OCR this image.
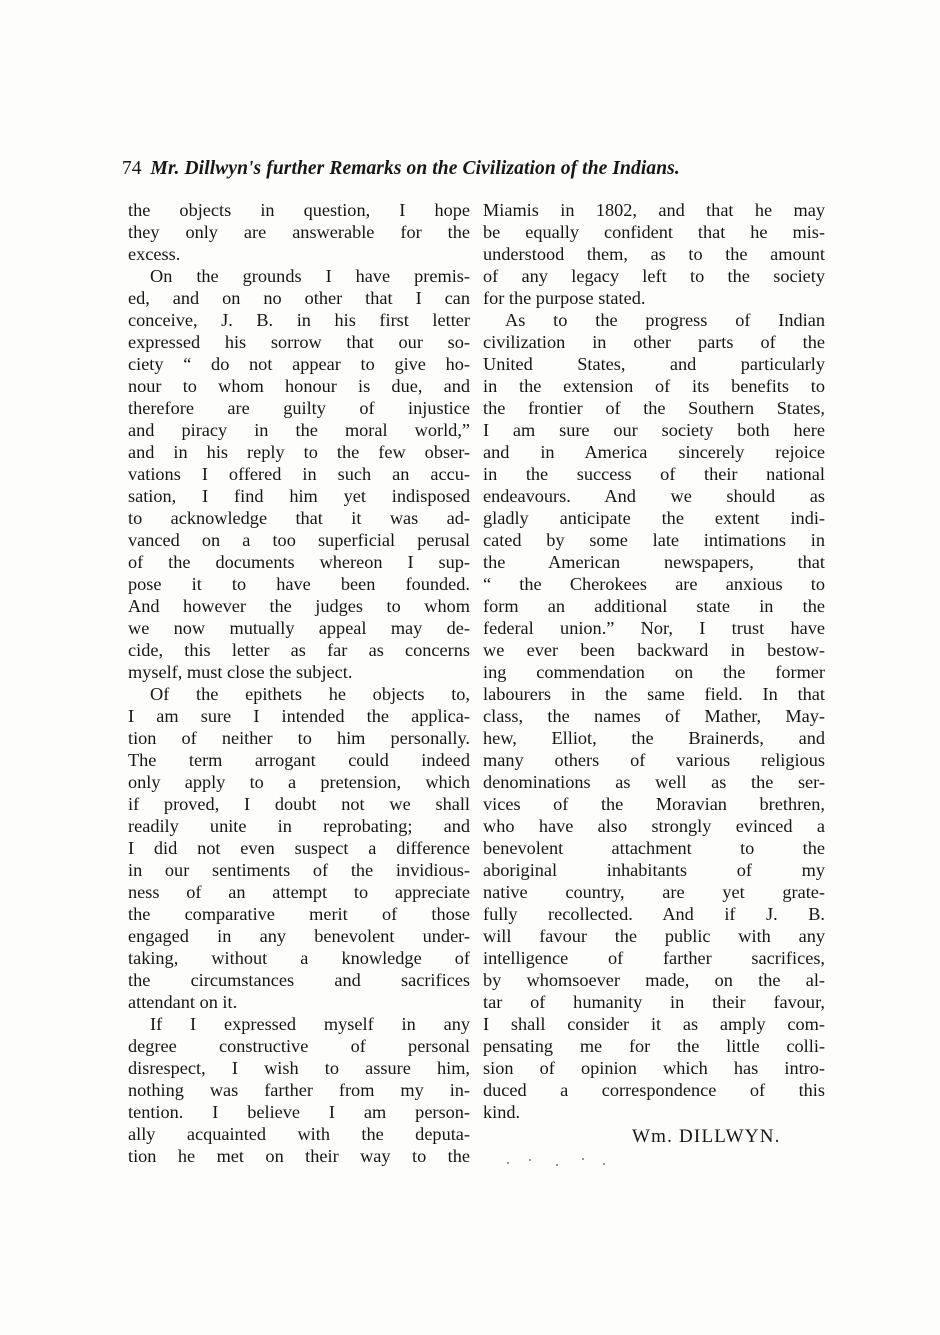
74 Mr. Dillwyn's further Remarks on the Civilization of the Indians.
the objects in question, I hope
they only are answerable for the
excess.
On the grounds I have premis-
ed, and on no other that I can
conceive, J. B. in his first letter
expressed his sorrow that our so-
ciety “ do not appear to give ho-
nour to whom honour is due, and
therefore are guilty of injustice
and piracy in the moral world,”
and in his reply to the few obser-
vations I offered in such an accu-
sation, I find him yet indisposed
to acknowledge that it was ad-
vanced on a too superficial perusal
of the documents whereon I sup-
pose it to have been founded.
And however the judges to whom
we now mutually appeal may de-
cide, this letter as far as concerns
myself, must close the subject.
Of the epithets he objects to,
I am sure I intended the applica-
tion of neither to him personally.
The term arrogant could indeed
only apply to a pretension, which
if proved, I doubt not we shall
readily unite in reprobating; and
I did not even suspect a difference
in our sentiments of the invidious-
ness of an attempt to appreciate
the comparative merit of those
engaged in any benevolent under-
taking, without a knowledge of
the circumstances and sacrifices
attendant on it.
If I expressed myself in any
degree constructive of personal
disrespect, I wish to assure him,
nothing was farther from my in-
tention. I believe I am person-
ally acquainted with the deputa-
tion he met on their way to the
Miamis in 1802, and that he may
be equally confident that he mis-
understood them, as to the amount
of any legacy left to the society
for the purpose stated.
As to the progress of Indian
civilization in other parts of the
United States, and particularly
in the extension of its benefits to
the frontier of the Southern States,
I am sure our society both here
and in America sincerely rejoice
in the success of their national
endeavours. And we should as
gladly anticipate the extent indi-
cated by some late intimations in
the American newspapers, that
“ the Cherokees are anxious to
form an additional state in the
federal union.” Nor, I trust have
we ever been backward in bestow-
ing commendation on the former
labourers in the same field. In that
class, the names of Mather, May-
hew, Elliot, the Brainerds, and
many others of various religious
denominations as well as the ser-
vices of the Moravian brethren,
who have also strongly evinced a
benevolent attachment to the
aboriginal inhabitants of my
native country, are yet grate-
fully recollected. And if J. B.
will favour the public with any
intelligence of farther sacrifices,
by whomsoever made, on the al-
tar of humanity in their favour,
I shall consider it as amply com-
pensating me for the little colli-
sion of opinion which has intro-
duced a correspondence of this
kind.
Wm. DILLWYN.
